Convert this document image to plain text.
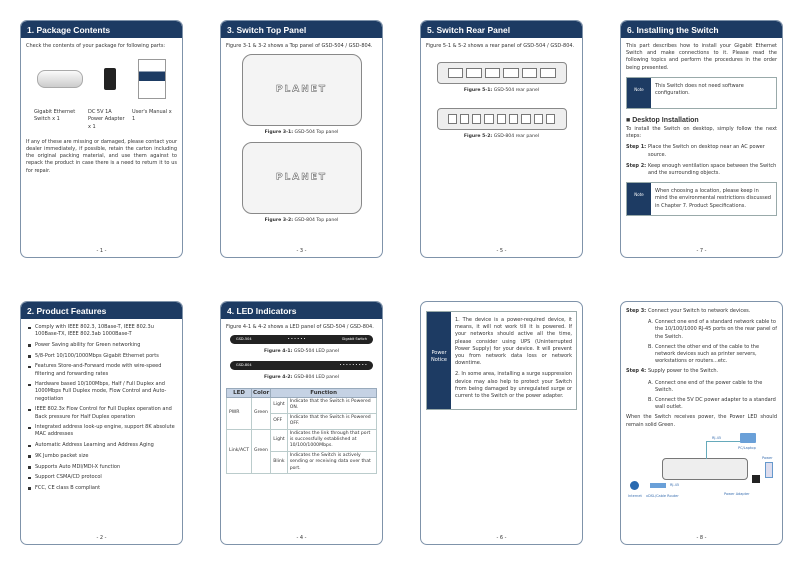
1. Package Contents

Check the contents of your package for following parts:

Gigabit Ethernet Switch x 1
DC 5V 1A Power Adapter x 1
User's Manual x 1

If any of these are missing or damaged, please contact your dealer immediately, if possible, retain the carton including the original packing material, and use them against to repack the product in case there is a need to return it to us for repair.

- 1 -
3. Switch Top Panel

Figure 3-1 & 3-2 shows a Top panel of GSD-504 / GSD-804.

PLANET
Figure 3-1: GSD-504 Top panel
PLANET
Figure 3-2: GSD-804 Top panel
- 3 -
5. Switch Rear Panel

Figure 5-1 & 5-2 shows a rear panel of GSD-504 / GSD-804.

Figure 5-1: GSD-504 rear panel
Figure 5-2: GSD-804 rear panel
- 5 -
6. Installing the Switch

This part describes how to install your Gigabit Ethernet Switch and make connections to it. Please read the following topics and perform the procedures in the order being presented.

Note
This Switch does not need software configuration.
■ Desktop Installation

To install the Switch on desktop, simply follow the next steps:

Step 1: Place the Switch on desktop near an AC power source.
Step 2: Keep enough ventilation space between the Switch and the surrounding objects.
Note
When choosing a location, please keep in mind the environmental restrictions discussed in Chapter 7. Product Specifications.
- 7 -
2. Product Features
Comply with IEEE 802.3, 10Base-T, IEEE 802.3u 100Base-TX, IEEE 802.3ab 1000Base-T
Power Saving ability for Green networking
5/8-Port 10/100/1000Mbps Gigabit Ethernet ports
Features Store-and-Forward mode with wire-speed filtering and forwarding rates
Hardware based 10/100Mbps, Half / Full Duplex and 1000Mbps Full Duplex mode, Flow Control and Auto-negotiation
IEEE 802.3x Flow Control for Full Duplex operation and Back pressure for Half Duplex operation
Integrated address look-up engine, support 8K absolute MAC addresses
Automatic Address Learning and Address Aging
9K Jumbo packet size
Supports Auto MDI/MDI-X function
Support CSMA/CD protocol
FCC, CE class B compliant
- 2 -
4. LED Indicators

Figure 4-1 & 4-2 shows a LED panel of GSD-504 / GSD-804.

GSD-504	• • • • • •	Gigabit Switch
Figure 4-1: GSD-504 LED panel
GSD-804	• • • • • • • • •
Figure 4-2: GSD-804 LED panel
LED	Color	Function	
PWR	Green	Light	Indicate that the Switch is Powered ON.
		OFF	Indicate that the Switch is Powered OFF.
Link/ACT	Green	Light	Indicates the link through that port is successfully established at 10/100/1000Mbps.
		Blink	Indicates the Switch is actively sending or receiving data over that port.
- 4 -
Power Notice

1. The device is a power-required device, it means, it will not work till it is powered. If your networks should active all the time, please consider using UPS (Uninterrupted Power Supply) for your device. It will prevent you from network data loss or network downtime.

2. In some area, installing a surge suppression device may also help to protect your Switch from being damaged by unregulated surge or current to the Switch or the power adapter.

- 6 -
Step 3: Connect your Switch to network devices.
A. Connect one end of a standard network cable to the 10/100/1000 RJ-45 ports on the rear panel of the Switch.
B. Connect the other end of the cable to the network devices such as printer servers, workstations or routers...etc.
Step 4: Supply power to the Switch.
A. Connect one end of the power cable to the Switch.
B. Connect the 5V DC power adapter to a standard wall outlet.

When the Switch receives power, the Power LED should remain solid Green.

RJ-45
PC/Laptop
Power
Power Adapter
Internet xDSL/Cable Router
RJ-45
- 8 -
